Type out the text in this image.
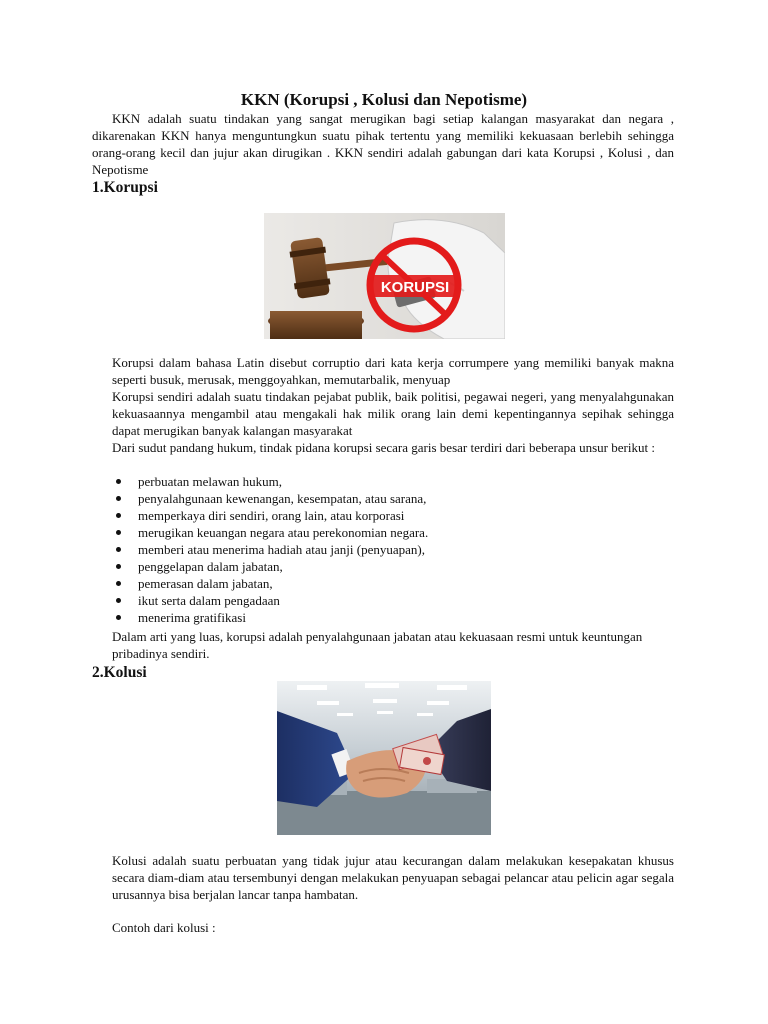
KKN (Korupsi , Kolusi dan Nepotisme)

KKN adalah suatu tindakan yang sangat merugikan bagi setiap kalangan masyarakat dan negara , dikarenakan KKN hanya menguntungkun suatu pihak tertentu yang memiliki kekuasaan berlebih sehingga orang-orang kecil dan jujur akan dirugikan . KKN sendiri adalah gabungan dari kata Korupsi , Kolusi , dan Nepotisme

1.Korupsi
KORUPSI

Korupsi dalam bahasa Latin disebut corruptio dari kata kerja corrumpere yang memiliki banyak makna seperti busuk, merusak, menggoyahkan, memutarbalik, menyuap

Korupsi sendiri adalah suatu tindakan pejabat publik, baik politisi, pegawai negeri, yang menyalahgunakan kekuasaannya mengambil atau mengakali hak milik orang lain demi kepentingannya sepihak sehingga dapat merugikan banyak kalangan masyarakat

Dari sudut pandang hukum, tindak pidana korupsi secara garis besar terdiri dari beberapa unsur berikut :

perbuatan melawan hukum,
penyalahgunaan kewenangan, kesempatan, atau sarana,
memperkaya diri sendiri, orang lain, atau korporasi
merugikan keuangan negara atau perekonomian negara.
memberi atau menerima hadiah atau janji (penyuapan),
penggelapan dalam jabatan,
pemerasan dalam jabatan,
ikut serta dalam pengadaan
menerima gratifikasi

Dalam arti yang luas, korupsi adalah penyalahgunaan jabatan atau kekuasaan resmi untuk keuntungan pribadinya sendiri.

2.Kolusi

Kolusi adalah suatu perbuatan yang tidak jujur atau kecurangan dalam melakukan kesepakatan khusus secara diam-diam atau tersembunyi dengan melakukan penyuapan sebagai pelancar atau pelicin agar segala urusannya bisa berjalan lancar tanpa hambatan.

Contoh dari kolusi :
